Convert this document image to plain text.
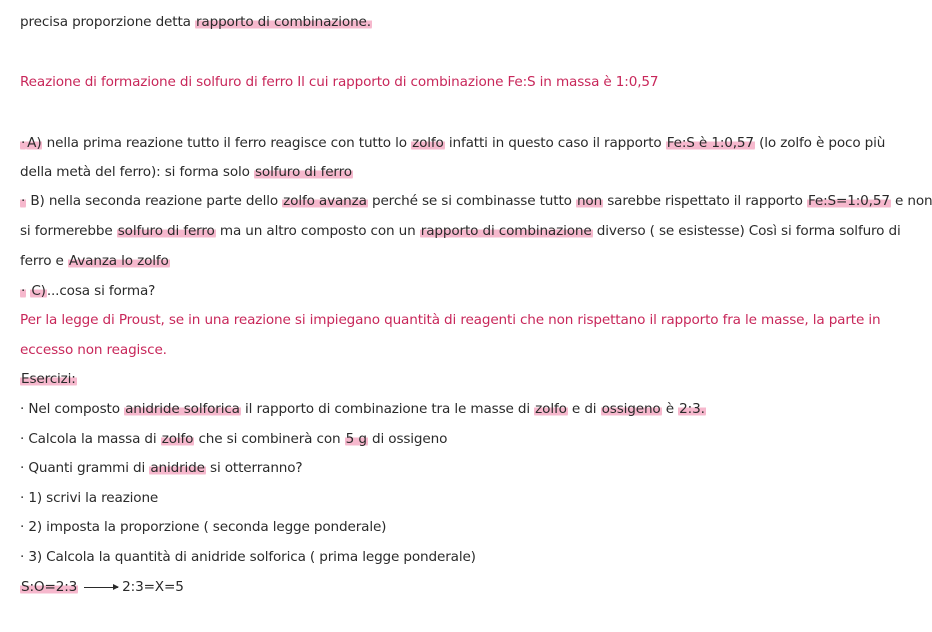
precisa proporzione detta rapporto di combinazione.
Reazione di formazione di solfuro di ferro Il cui rapporto di combinazione Fe:S in massa è 1:0,57
· A) nella prima reazione tutto il ferro reagisce con tutto lo zolfo infatti in questo caso il rapporto Fe:S è 1:0,57 (lo zolfo è poco più
della metà del ferro): si forma solo solfuro di ferro
· B) nella seconda reazione parte dello zolfo avanza perché se si combinasse tutto non sarebbe rispettato il rapporto Fe:S=1:0,57 e non
si formerebbe solfuro di ferro ma un altro composto con un rapporto di combinazione diverso ( se esistesse) Così si forma solfuro di
ferro e Avanza lo zolfo
· C)...cosa si forma?
Per la legge di Proust, se in una reazione si impiegano quantità di reagenti che non rispettano il rapporto fra le masse, la parte in
eccesso non reagisce.
Esercizi:
· Nel composto anidride solforica il rapporto di combinazione tra le masse di zolfo e di ossigeno è 2:3.
· Calcola la massa di zolfo che si combinerà con 5 g di ossigeno
· Quanti grammi di anidride si otterranno?
· 1) scrivi la reazione
· 2) imposta la proporzione ( seconda legge ponderale)
· 3) Calcola la quantità di anidride solforica ( prima legge ponderale)
S:O=2:3	2:3=X=5
